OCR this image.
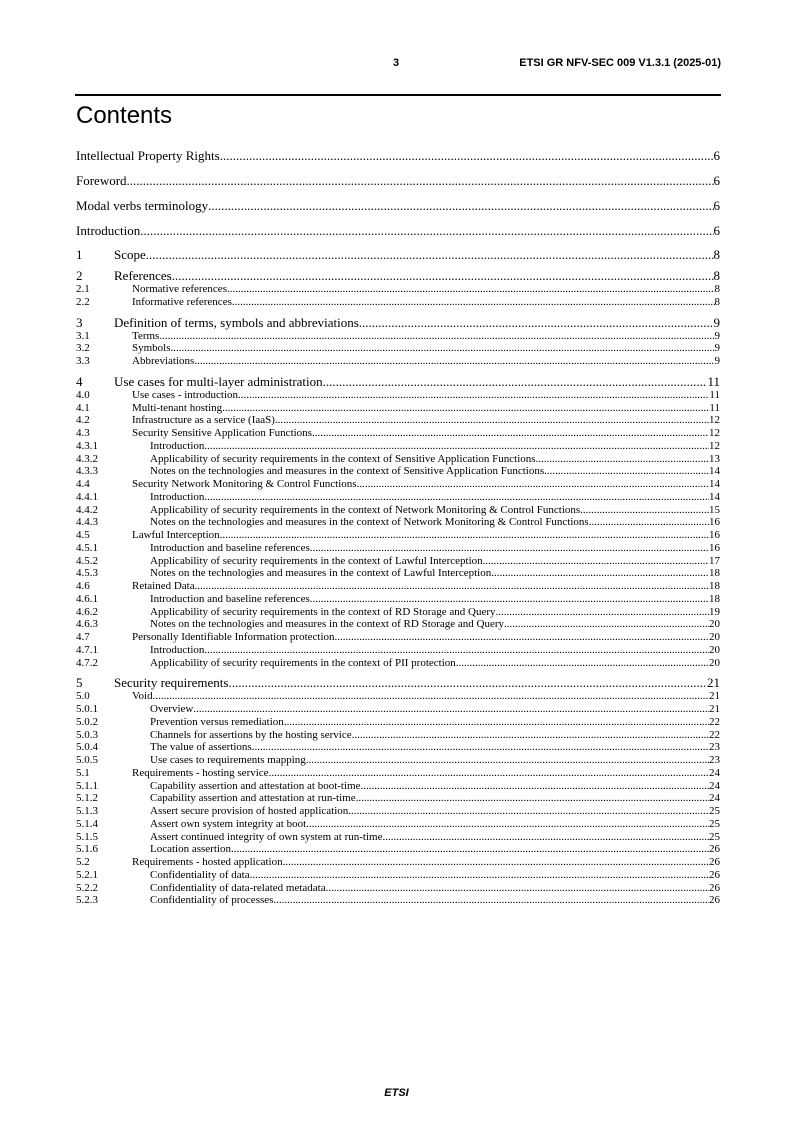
3	ETSI GR NFV-SEC 009 V1.3.1 (2025-01)
Contents
Intellectual Property Rights .....	6
Foreword .....	6
Modal verbs terminology .....	6
Introduction .....	6
1	Scope .....	8
2	References .....	8
2.1	Normative references .....	8
2.2	Informative references .....	8
3	Definition of terms, symbols and abbreviations .....	9
3.1	Terms .....	9
3.2	Symbols .....	9
3.3	Abbreviations .....	9
4	Use cases for multi-layer administration .....	11
4.0	Use cases - introduction .....	11
4.1	Multi-tenant hosting .....	11
4.2	Infrastructure as a service (IaaS) .....	12
4.3	Security Sensitive Application Functions .....	12
4.3.1	Introduction .....	12
4.3.2	Applicability of security requirements in the context of Sensitive Application Functions .....	13
4.3.3	Notes on the technologies and measures in the context of Sensitive Application Functions .....	14
4.4	Security Network Monitoring & Control Functions .....	14
4.4.1	Introduction .....	14
4.4.2	Applicability of security requirements in the context of Network Monitoring & Control Functions .....	15
4.4.3	Notes on the technologies and measures in the context of Network Monitoring & Control Functions .....	16
4.5	Lawful Interception .....	16
4.5.1	Introduction and baseline references .....	16
4.5.2	Applicability of security requirements in the context of Lawful Interception .....	17
4.5.3	Notes on the technologies and measures in the context of Lawful Interception .....	18
4.6	Retained Data .....	18
4.6.1	Introduction and baseline references .....	18
4.6.2	Applicability of security requirements in the context of RD Storage and Query .....	19
4.6.3	Notes on the technologies and measures in the context of RD Storage and Query .....	20
4.7	Personally Identifiable Information protection .....	20
4.7.1	Introduction .....	20
4.7.2	Applicability of security requirements in the context of PII protection .....	20
5	Security requirements .....	21
5.0	Void .....	21
5.0.1	Overview .....	21
5.0.2	Prevention versus remediation .....	22
5.0.3	Channels for assertions by the hosting service .....	22
5.0.4	The value of assertions .....	23
5.0.5	Use cases to requirements mapping .....	23
5.1	Requirements - hosting service .....	24
5.1.1	Capability assertion and attestation at boot-time .....	24
5.1.2	Capability assertion and attestation at run-time .....	24
5.1.3	Assert secure provision of hosted application .....	25
5.1.4	Assert own system integrity at boot .....	25
5.1.5	Assert continued integrity of own system at run-time .....	25
5.1.6	Location assertion .....	26
5.2	Requirements - hosted application .....	26
5.2.1	Confidentiality of data .....	26
5.2.2	Confidentiality of data-related metadata .....	26
5.2.3	Confidentiality of processes .....	26
ETSI
